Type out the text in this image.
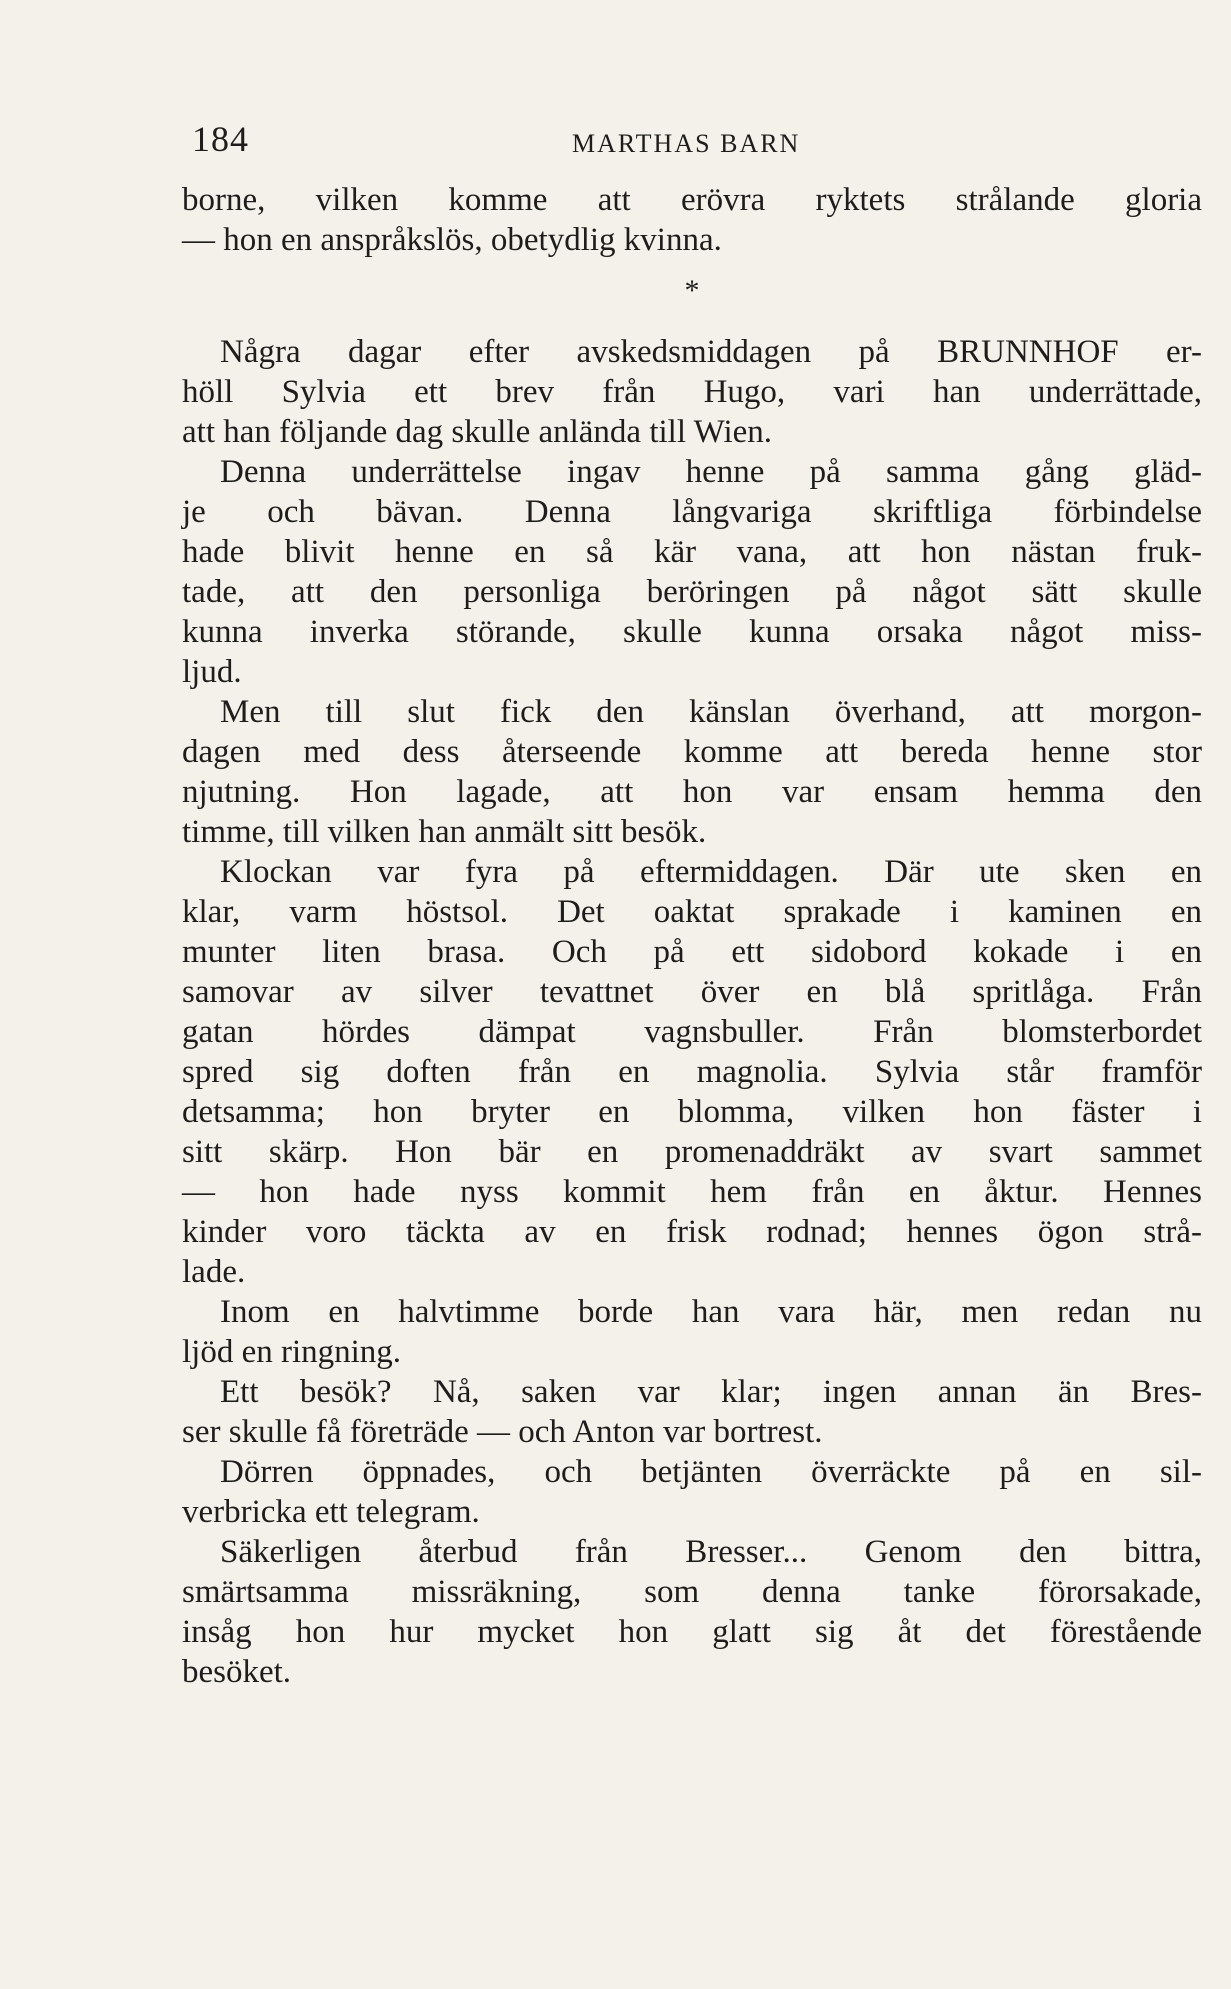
184	MARTHAS BARN
borne, vilken komme att erövra ryktets strålande gloria
— hon en anspråkslös, obetydlig kvinna.
*
Några dagar efter avskedsmiddagen på BRUNNHOF er-
höll Sylvia ett brev från Hugo, vari han underrättade,
att han följande dag skulle anlända till Wien.
Denna underrättelse ingav henne på samma gång gläd-
je och bävan. Denna långvariga skriftliga förbindelse
hade blivit henne en så kär vana, att hon nästan fruk-
tade, att den personliga beröringen på något sätt skulle
kunna inverka störande, skulle kunna orsaka något miss-
ljud.
Men till slut fick den känslan överhand, att morgon-
dagen med dess återseende komme att bereda henne stor
njutning. Hon lagade, att hon var ensam hemma den
timme, till vilken han anmält sitt besök.
Klockan var fyra på eftermiddagen. Där ute sken en
klar, varm höstsol. Det oaktat sprakade i kaminen en
munter liten brasa. Och på ett sidobord kokade i en
samovar av silver tevattnet över en blå spritlåga. Från
gatan hördes dämpat vagnsbuller. Från blomsterbordet
spred sig doften från en magnolia. Sylvia står framför
detsamma; hon bryter en blomma, vilken hon fäster i
sitt skärp. Hon bär en promenaddräkt av svart sammet
— hon hade nyss kommit hem från en åktur. Hennes
kinder voro täckta av en frisk rodnad; hennes ögon strå-
lade.
Inom en halvtimme borde han vara här, men redan nu
ljöd en ringning.
Ett besök? Nå, saken var klar; ingen annan än Bres-
ser skulle få företräde — och Anton var bortrest.
Dörren öppnades, och betjänten överräckte på en sil-
verbricka ett telegram.
Säkerligen återbud från Bresser... Genom den bittra,
smärtsamma missräkning, som denna tanke förorsakade,
insåg hon hur mycket hon glatt sig åt det förestående
besöket.
